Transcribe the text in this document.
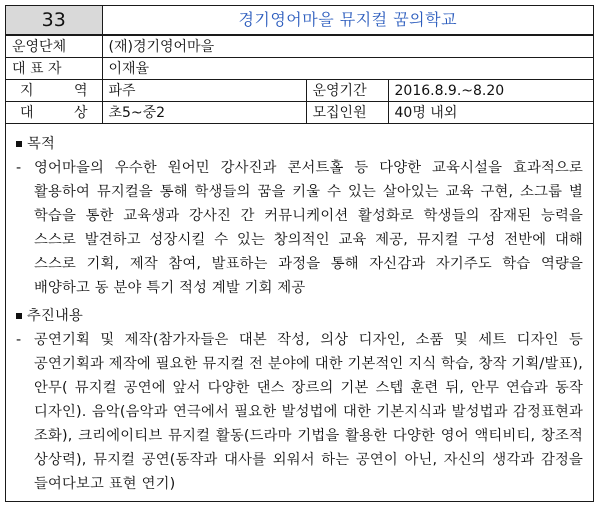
33	경기영어마을 뮤지컬 꿈의학교		
운영단체	(재)경기영어마을		
대 표 자	이재율		

지 역	파주	운영기간	2016.8.9.~8.20

대 상	초5~중2	모집인원	40명 내외
목적
- 영어마을의 우수한 원어민 강사진과 콘서트홀 등 다양한 교육시설을 효과적으로 활용하여 뮤지컬을 통해 학생들의 꿈을 키울 수 있는 살아있는 교육 구현, 소그룹 별 학습을 통한 교육생과 강사진 간 커뮤니케이션 활성화로 학생들의 잠재된 능력을 스스로 발견하고 성장시킬 수 있는 창의적인 교육 제공, 뮤지컬 구성 전반에 대해 스스로 기획, 제작 참여, 발표하는 과정을 통해 자신감과 자기주도 학습 역량을 배양하고 동 분야 특기 적성 계발 기회 제공
추진내용
- 공연기획 및 제작(참가자들은 대본 작성, 의상 디자인, 소품 및 세트 디자인 등 공연기획과 제작에 필요한 뮤지컬 전 분야에 대한 기본적인 지식 학습, 창작 기획/발표), 안무( 뮤지컬 공연에 앞서 다양한 댄스 장르의 기본 스텝 훈련 뒤, 안무 연습과 동작 디자인). 음악(음악과 연극에서 필요한 발성법에 대한 기본지식과 발성법과 감정표현과 조화), 크리에이티브 뮤지컬 활동(드라마 기법을 활용한 다양한 영어 액티비티, 창조적 상상력), 뮤지컬 공연(동작과 대사를 외워서 하는 공연이 아닌, 자신의 생각과 감정을 들여다보고 표현 연기)
